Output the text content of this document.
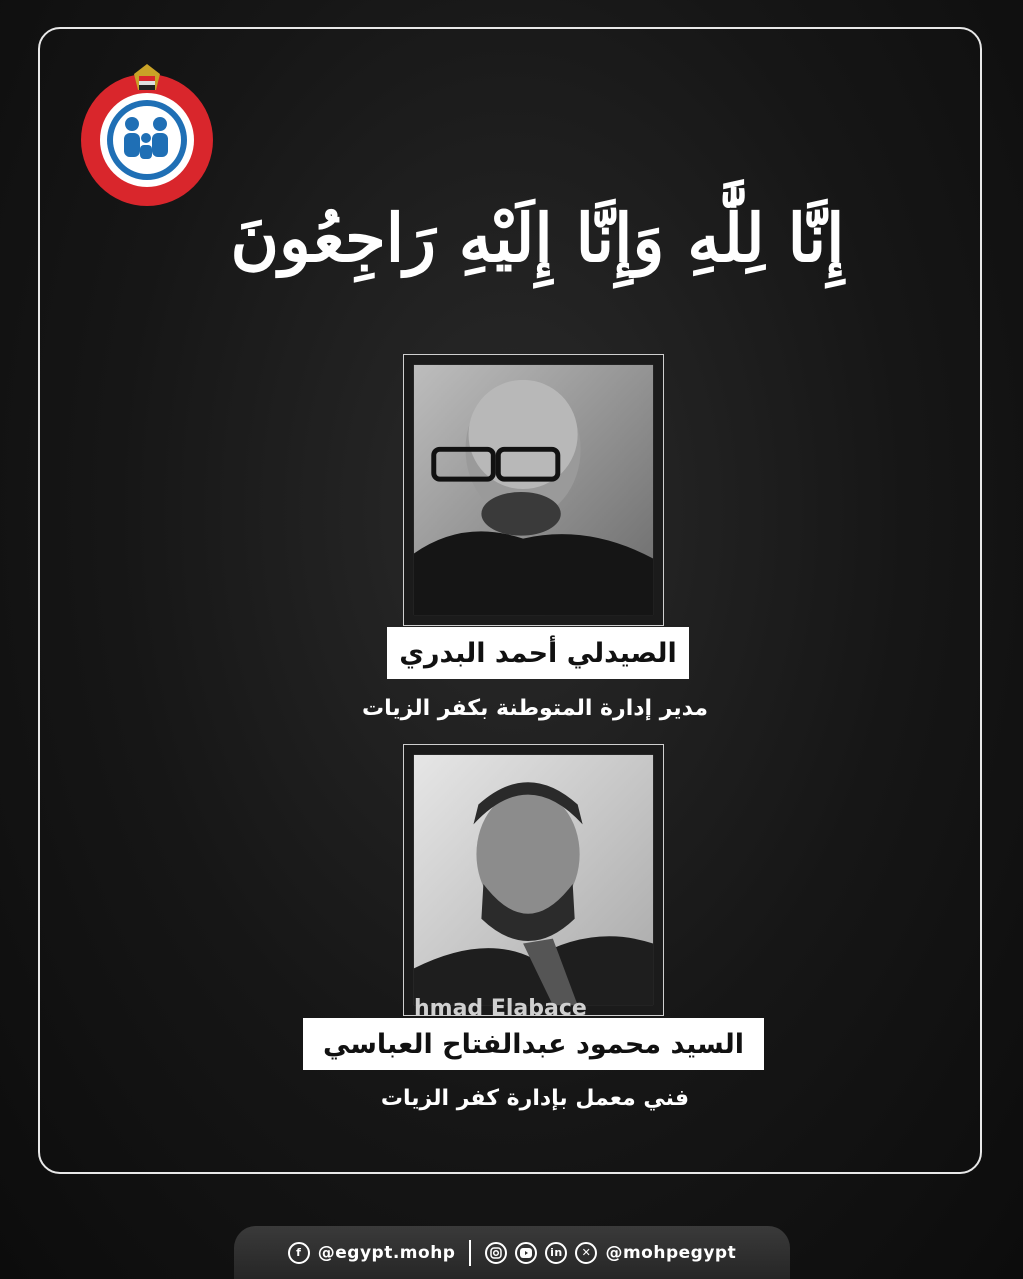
إِنَّا لِلَّٰهِ وَإِنَّا إِلَيْهِ رَاجِعُونَ
الصيدلي أحمد البدري
مدير إدارة المتوطنة بكفر الزيات
hmad Elabace
السيد محمود عبدالفتاح العباسي
فني معمل بإدارة كفر الزيات
f @egypt.mohp	in	✕ @mohpegypt
